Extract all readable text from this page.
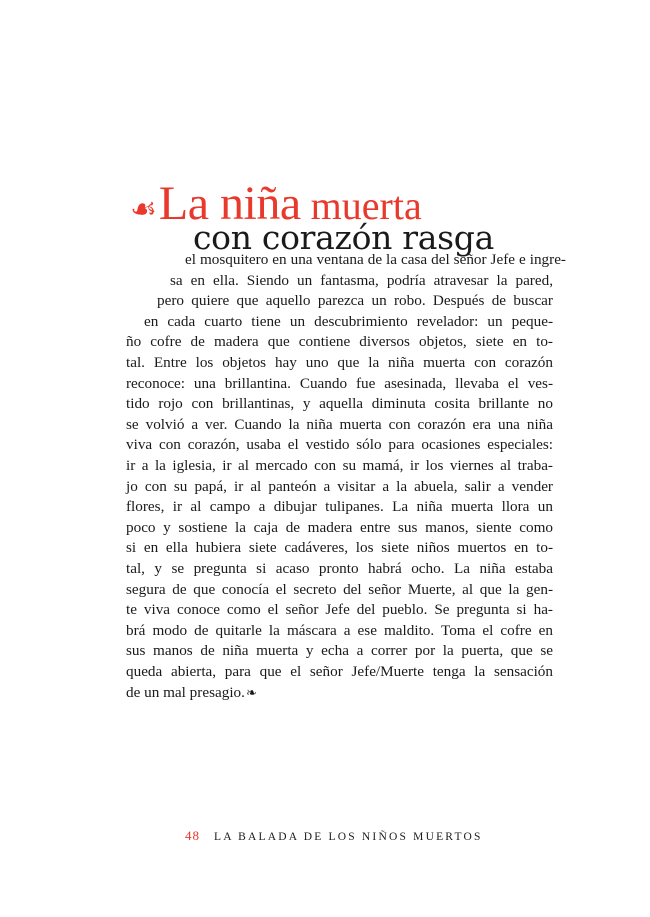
☙La niña muerta
con corazón rasga
el mosquitero en una ventana de la casa del señor Jefe e ingre-
sa en ella. Siendo un fantasma, podría atravesar la pared,
pero quiere que aquello parezca un robo. Después de buscar
en cada cuarto tiene un descubrimiento revelador: un peque-
ño cofre de madera que contiene diversos objetos, siete en to-
tal. Entre los objetos hay uno que la niña muerta con corazón
reconoce: una brillantina. Cuando fue asesinada, llevaba el ves-
tido rojo con brillantinas, y aquella diminuta cosita brillante no
se volvió a ver. Cuando la niña muerta con corazón era una niña
viva con corazón, usaba el vestido sólo para ocasiones especiales:
ir a la iglesia, ir al mercado con su mamá, ir los viernes al traba-
jo con su papá, ir al panteón a visitar a la abuela, salir a vender
flores, ir al campo a dibujar tulipanes. La niña muerta llora un
poco y sostiene la caja de madera entre sus manos, siente como
si en ella hubiera siete cadáveres, los siete niños muertos en to-
tal, y se pregunta si acaso pronto habrá ocho. La niña estaba
segura de que conocía el secreto del señor Muerte, al que la gen-
te viva conoce como el señor Jefe del pueblo. Se pregunta si ha-
brá modo de quitarle la máscara a ese maldito. Toma el cofre en
sus manos de niña muerta y echa a correr por la puerta, que se
queda abierta, para que el señor Jefe/Muerte tenga la sensación
de un mal presagio.❧
48 LA BALADA DE LOS NIÑOS MUERTOS
